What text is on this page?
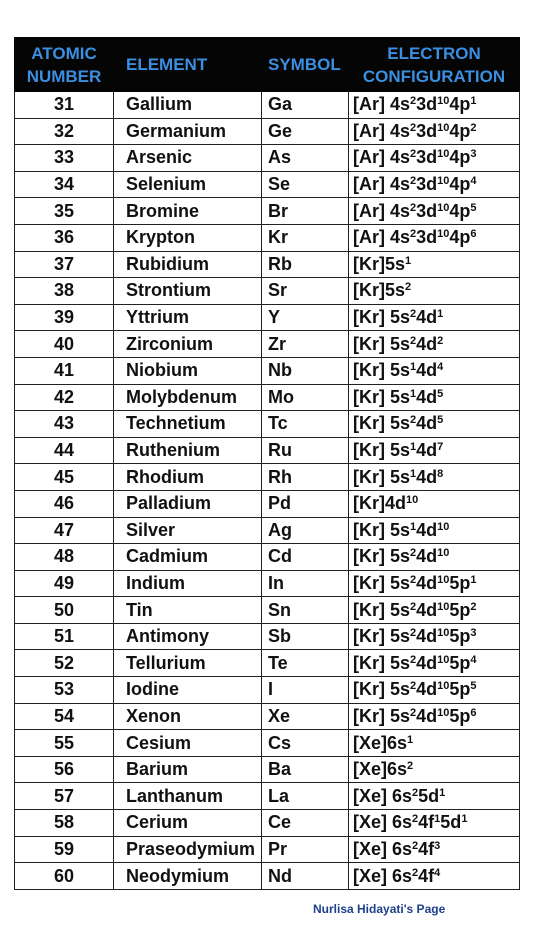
ATOMIC NUMBER	ELEMENT	SYMBOL	ELECTRON CONFIGURATION
31	Gallium	Ga	[Ar] $4s^23d^{10}4p^1$
32	Germanium	Ge	[Ar] $4s^23d^{10}4p^2$
33	Arsenic	As	[Ar] $4s^23d^{10}4p^3$
34	Selenium	Se	[Ar] $4s^23d^{10}4p^4$
35	Bromine	Br	[Ar] $4s^23d^{10}4p^5$
36	Krypton	Kr	[Ar] $4s^23d^{10}4p^6$
37	Rubidium	Rb	$[Kr]5s^1$
38	Strontium	Sr	$[Kr]5s^2$
39	Yttrium	Y	[Kr] $5s^24d^1$
40	Zirconium	Zr	[Kr] $5s^24d^2$
41	Niobium	Nb	[Kr] $5s^14d^4$
42	Molybdenum	Mo	[Kr] $5s^14d^5$
43	Technetium	Tc	[Kr] $5s^24d^5$
44	Ruthenium	Ru	[Kr] $5s^14d^7$
45	Rhodium	Rh	[Kr] $5s^14d^8$
46	Palladium	Pd	$[Kr]4d^{10}$
47	Silver	Ag	[Kr] $5s^14d^{10}$
48	Cadmium	Cd	[Kr] $5s^24d^{10}$
49	Indium	In	[Kr] $5s^24d^{10}5p^1$
50	Tin	Sn	[Kr] $5s^24d^{10}5p^2$
51	Antimony	Sb	[Kr] $5s^24d^{10}5p^3$
52	Tellurium	Te	[Kr] $5s^24d^{10}5p^4$
53	Iodine	I	[Kr] $5s^24d^{10}5p^5$
54	Xenon	Xe	[Kr] $5s^24d^{10}5p^6$
55	Cesium	Cs	$[Xe]6s^1$
56	Barium	Ba	$[Xe]6s^2$
57	Lanthanum	La	[Xe] $6s^25d^1$
58	Cerium	Ce	[Xe] $6s^24f^15d^1$
59	Praseodymium	Pr	[Xe] $6s^24f^3$
60	Neodymium	Nd	[Xe] $6s^24f^4$
Nurlisa Hidayati's Page
